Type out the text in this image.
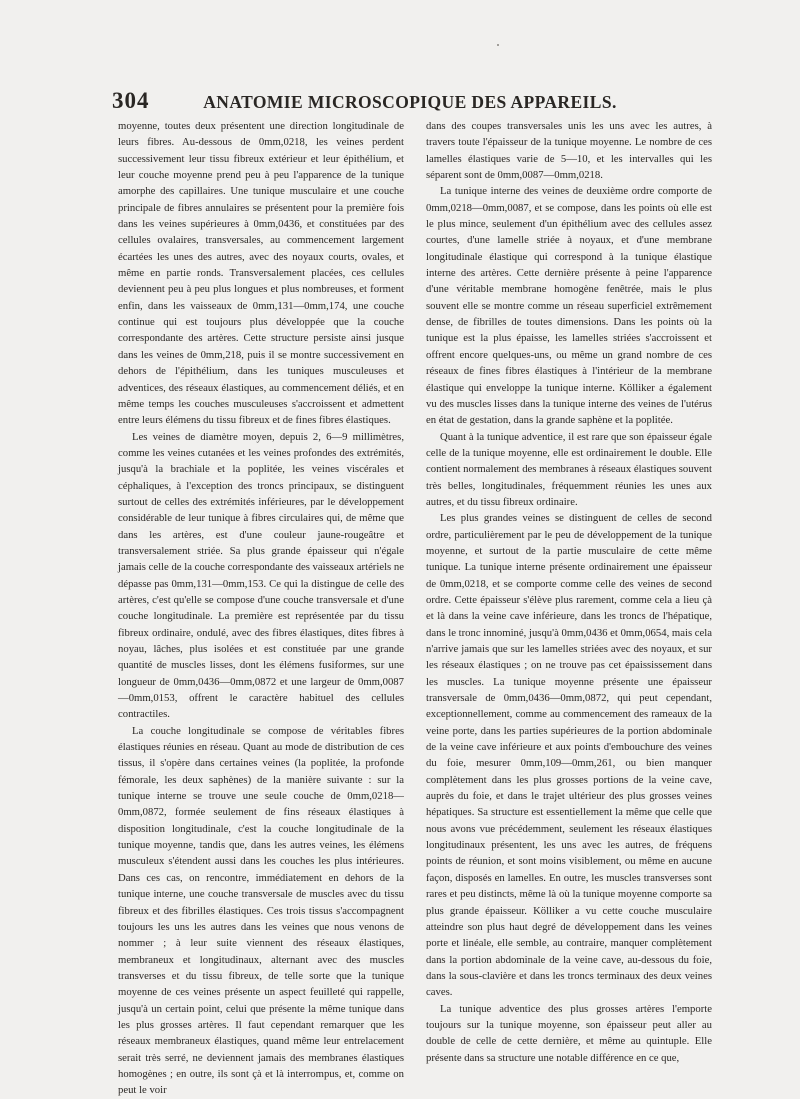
304	ANATOMIE MICROSCOPIQUE DES APPAREILS.

moyenne, toutes deux présentent une direction longitudinale de leurs fibres. Au-dessous de 0mm,0218, les veines perdent successivement leur tissu fibreux extérieur et leur épithélium, et leur couche moyenne prend peu à peu l'apparence de la tunique amorphe des capillaires. Une tunique musculaire et une couche principale de fibres annulaires se présentent pour la première fois dans les veines supérieures à 0mm,0436, et constituées par des cellules ovalaires, transversales, au commencement largement écartées les unes des autres, avec des noyaux courts, ovales, et même en partie ronds. Transversalement placées, ces cellules deviennent peu à peu plus longues et plus nombreuses, et forment enfin, dans les vaisseaux de 0mm,131—0mm,174, une couche continue qui est toujours plus développée que la couche correspondante des artères. Cette structure persiste ainsi jusque dans les veines de 0mm,218, puis il se montre successivement en dehors de l'épithélium, dans les tuniques musculeuses et adventices, des réseaux élastiques, au commencement déliés, et en même temps les couches musculeuses s'accroissent et admettent entre leurs élémens du tissu fibreux et de fines fibres élastiques.

Les veines de diamètre moyen, depuis 2, 6—9 millimètres, comme les veines cutanées et les veines profondes des extrémités, jusqu'à la brachiale et la poplitée, les veines viscérales et céphaliques, à l'exception des troncs principaux, se distinguent surtout de celles des extrémités inférieures, par le développement considérable de leur tunique à fibres circulaires qui, de même que dans les artères, est d'une couleur jaune-rougeâtre et transversalement striée. Sa plus grande épaisseur qui n'égale jamais celle de la couche correspondante des vaisseaux artériels ne dépasse pas 0mm,131—0mm,153. Ce qui la distingue de celle des artères, c'est qu'elle se compose d'une couche transversale et d'une couche longitudinale. La première est représentée par du tissu fibreux ordinaire, ondulé, avec des fibres élastiques, dites fibres à noyau, lâches, plus isolées et est constituée par une grande quantité de muscles lisses, dont les élémens fusiformes, sur une longueur de 0mm,0436—0mm,0872 et une largeur de 0mm,0087—0mm,0153, offrent le caractère habituel des cellules contractiles.

La couche longitudinale se compose de véritables fibres élastiques réunies en réseau. Quant au mode de distribution de ces tissus, il s'opère dans certaines veines (la poplitée, la profonde fémorale, les deux saphènes) de la manière suivante : sur la tunique interne se trouve une seule couche de 0mm,0218—0mm,0872, formée seulement de fins réseaux élastiques à disposition longitudinale, c'est la couche longitudinale de la tunique moyenne, tandis que, dans les autres veines, les élémens musculeux s'étendent aussi dans les couches les plus intérieures. Dans ces cas, on rencontre, immédiatement en dehors de la tunique interne, une couche transversale de muscles avec du tissu fibreux et des fibrilles élastiques. Ces trois tissus s'accompagnent toujours les uns les autres dans les veines que nous venons de nommer ; à leur suite viennent des réseaux élastiques, membraneux et longitudinaux, alternant avec des muscles transverses et du tissu fibreux, de telle sorte que la tunique moyenne de ces veines présente un aspect feuilleté qui rappelle, jusqu'à un certain point, celui que présente la même tunique dans les plus grosses artères. Il faut cependant remarquer que les réseaux membraneux élastiques, quand même leur entrelacement serait très serré, ne deviennent jamais des membranes élastiques homogènes ; en outre, ils sont çà et là interrompus, et, comme on peut le voir

dans des coupes transversales unis les uns avec les autres, à travers toute l'épaisseur de la tunique moyenne. Le nombre de ces lamelles élastiques varie de 5—10, et les intervalles qui les séparent sont de 0mm,0087—0mm,0218.

La tunique interne des veines de deuxième ordre comporte de 0mm,0218—0mm,0087, et se compose, dans les points où elle est le plus mince, seulement d'un épithélium avec des cellules assez courtes, d'une lamelle striée à noyaux, et d'une membrane longitudinale élastique qui correspond à la tunique élastique interne des artères. Cette dernière présente à peine l'apparence d'une véritable membrane homogène fenêtrée, mais le plus souvent elle se montre comme un réseau superficiel extrêmement dense, de fibrilles de toutes dimensions. Dans les points où la tunique est la plus épaisse, les lamelles striées s'accroissent et offrent encore quelques-uns, ou même un grand nombre de ces réseaux de fines fibres élastiques à l'intérieur de la membrane élastique qui enveloppe la tunique interne. Kölliker a également vu des muscles lisses dans la tunique interne des veines de l'utérus en état de gestation, dans la grande saphène et la poplitée.

Quant à la tunique adventice, il est rare que son épaisseur égale celle de la tunique moyenne, elle est ordinairement le double. Elle contient normalement des membranes à réseaux élastiques souvent très belles, longitudinales, fréquemment réunies les unes aux autres, et du tissu fibreux ordinaire.

Les plus grandes veines se distinguent de celles de second ordre, particulièrement par le peu de développement de la tunique moyenne, et surtout de la partie musculaire de cette même tunique. La tunique interne présente ordinairement une épaisseur de 0mm,0218, et se comporte comme celle des veines de second ordre. Cette épaisseur s'élève plus rarement, comme cela a lieu çà et là dans la veine cave inférieure, dans les troncs de l'hépatique, dans le tronc innominé, jusqu'à 0mm,0436 et 0mm,0654, mais cela n'arrive jamais que sur les lamelles striées avec des noyaux, et sur les réseaux élastiques ; on ne trouve pas cet épaississement dans les muscles. La tunique moyenne présente une épaisseur transversale de 0mm,0436—0mm,0872, qui peut cependant, exceptionnellement, comme au commencement des rameaux de la veine porte, dans les parties supérieures de la portion abdominale de la veine cave inférieure et aux points d'embouchure des veines du foie, mesurer 0mm,109—0mm,261, ou bien manquer complètement dans les plus grosses portions de la veine cave, auprès du foie, et dans le trajet ultérieur des plus grosses veines hépatiques. Sa structure est essentiellement la même que celle que nous avons vue précédemment, seulement les réseaux élastiques longitudinaux présentent, les uns avec les autres, de fréquens points de réunion, et sont moins visiblement, ou même en aucune façon, disposés en lamelles. En outre, les muscles transverses sont rares et peu distincts, même là où la tunique moyenne comporte sa plus grande épaisseur. Kölliker a vu cette couche musculaire atteindre son plus haut degré de développement dans les veines porte et linéale, elle semble, au contraire, manquer complètement dans la portion abdominale de la veine cave, au-dessous du foie, dans la sous-clavière et dans les troncs terminaux des deux veines caves.

La tunique adventice des plus grosses artères l'emporte toujours sur la tunique moyenne, son épaisseur peut aller au double de celle de cette dernière, et même au quintuple. Elle présente dans sa structure une notable différence en ce que,
